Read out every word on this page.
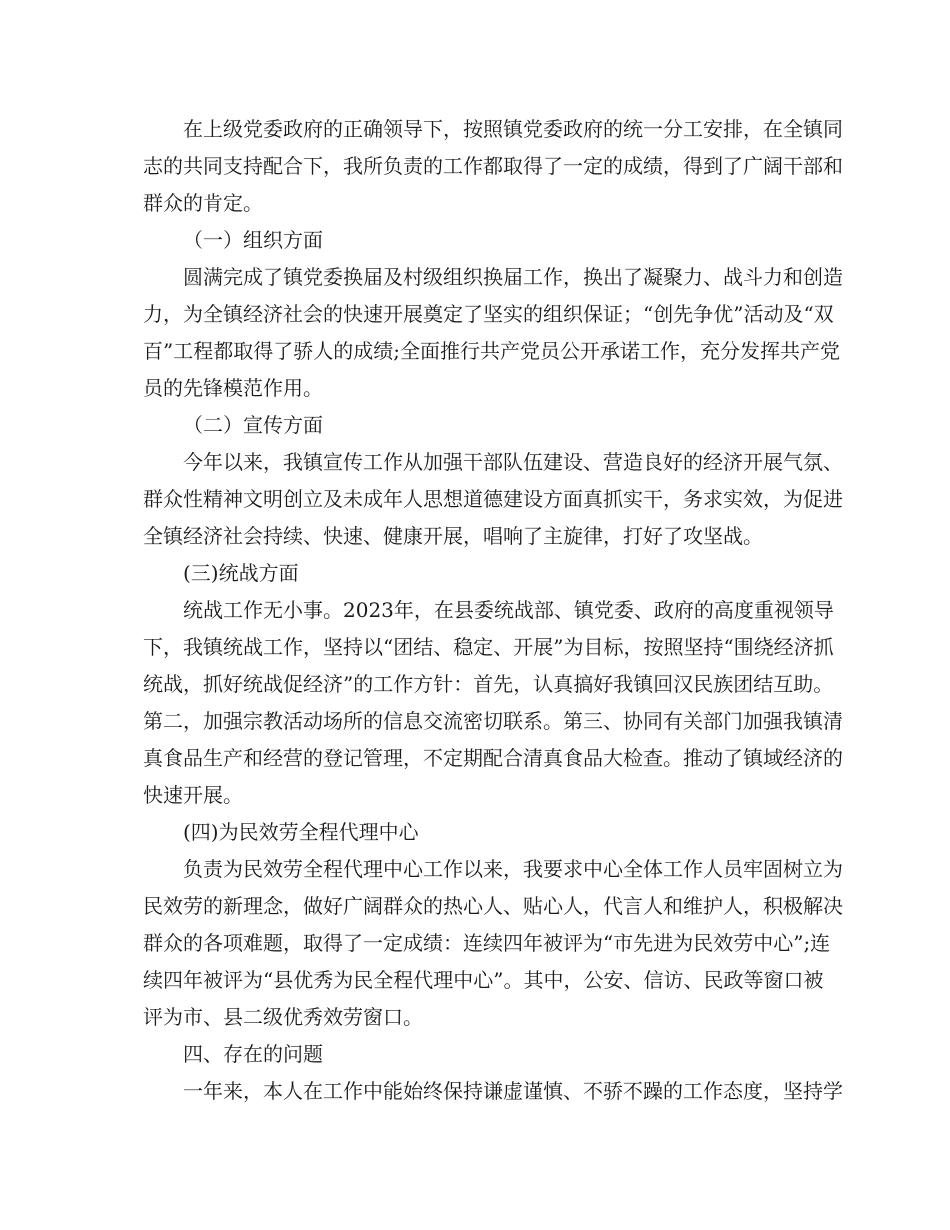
在上级党委政府的正确领导下，按照镇党委政府的统一分工安排，在全镇同
志的共同支持配合下，我所负责的工作都取得了一定的成绩，得到了广阔干部和
群众的肯定。
（一）组织方面
圆满完成了镇党委换届及村级组织换届工作，换出了凝聚力、战斗力和创造
力，为全镇经济社会的快速开展奠定了坚实的组织保证；“创先争优”活动及“双
百”工程都取得了骄人的成绩;全面推行共产党员公开承诺工作，充分发挥共产党
员的先锋模范作用。
（二）宣传方面
今年以来，我镇宣传工作从加强干部队伍建设、营造良好的经济开展气氛、
群众性精神文明创立及未成年人思想道德建设方面真抓实干，务求实效，为促进
全镇经济社会持续、快速、健康开展，唱响了主旋律，打好了攻坚战。
(三)统战方面
统战工作无小事。2023年，在县委统战部、镇党委、政府的高度重视领导
下，我镇统战工作，坚持以“团结、稳定、开展”为目标，按照坚持“围绕经济抓
统战，抓好统战促经济”的工作方针：首先，认真搞好我镇回汉民族团结互助。
第二，加强宗教活动场所的信息交流密切联系。第三、协同有关部门加强我镇清
真食品生产和经营的登记管理，不定期配合清真食品大检查。推动了镇域经济的
快速开展。
(四)为民效劳全程代理中心
负责为民效劳全程代理中心工作以来，我要求中心全体工作人员牢固树立为
民效劳的新理念，做好广阔群众的热心人、贴心人，代言人和维护人，积极解决
群众的各项难题，取得了一定成绩：连续四年被评为“市先进为民效劳中心”;连
续四年被评为“县优秀为民全程代理中心”。其中，公安、信访、民政等窗口被
评为市、县二级优秀效劳窗口。
四、存在的问题
一年来，本人在工作中能始终保持谦虚谨慎、不骄不躁的工作态度，坚持学
